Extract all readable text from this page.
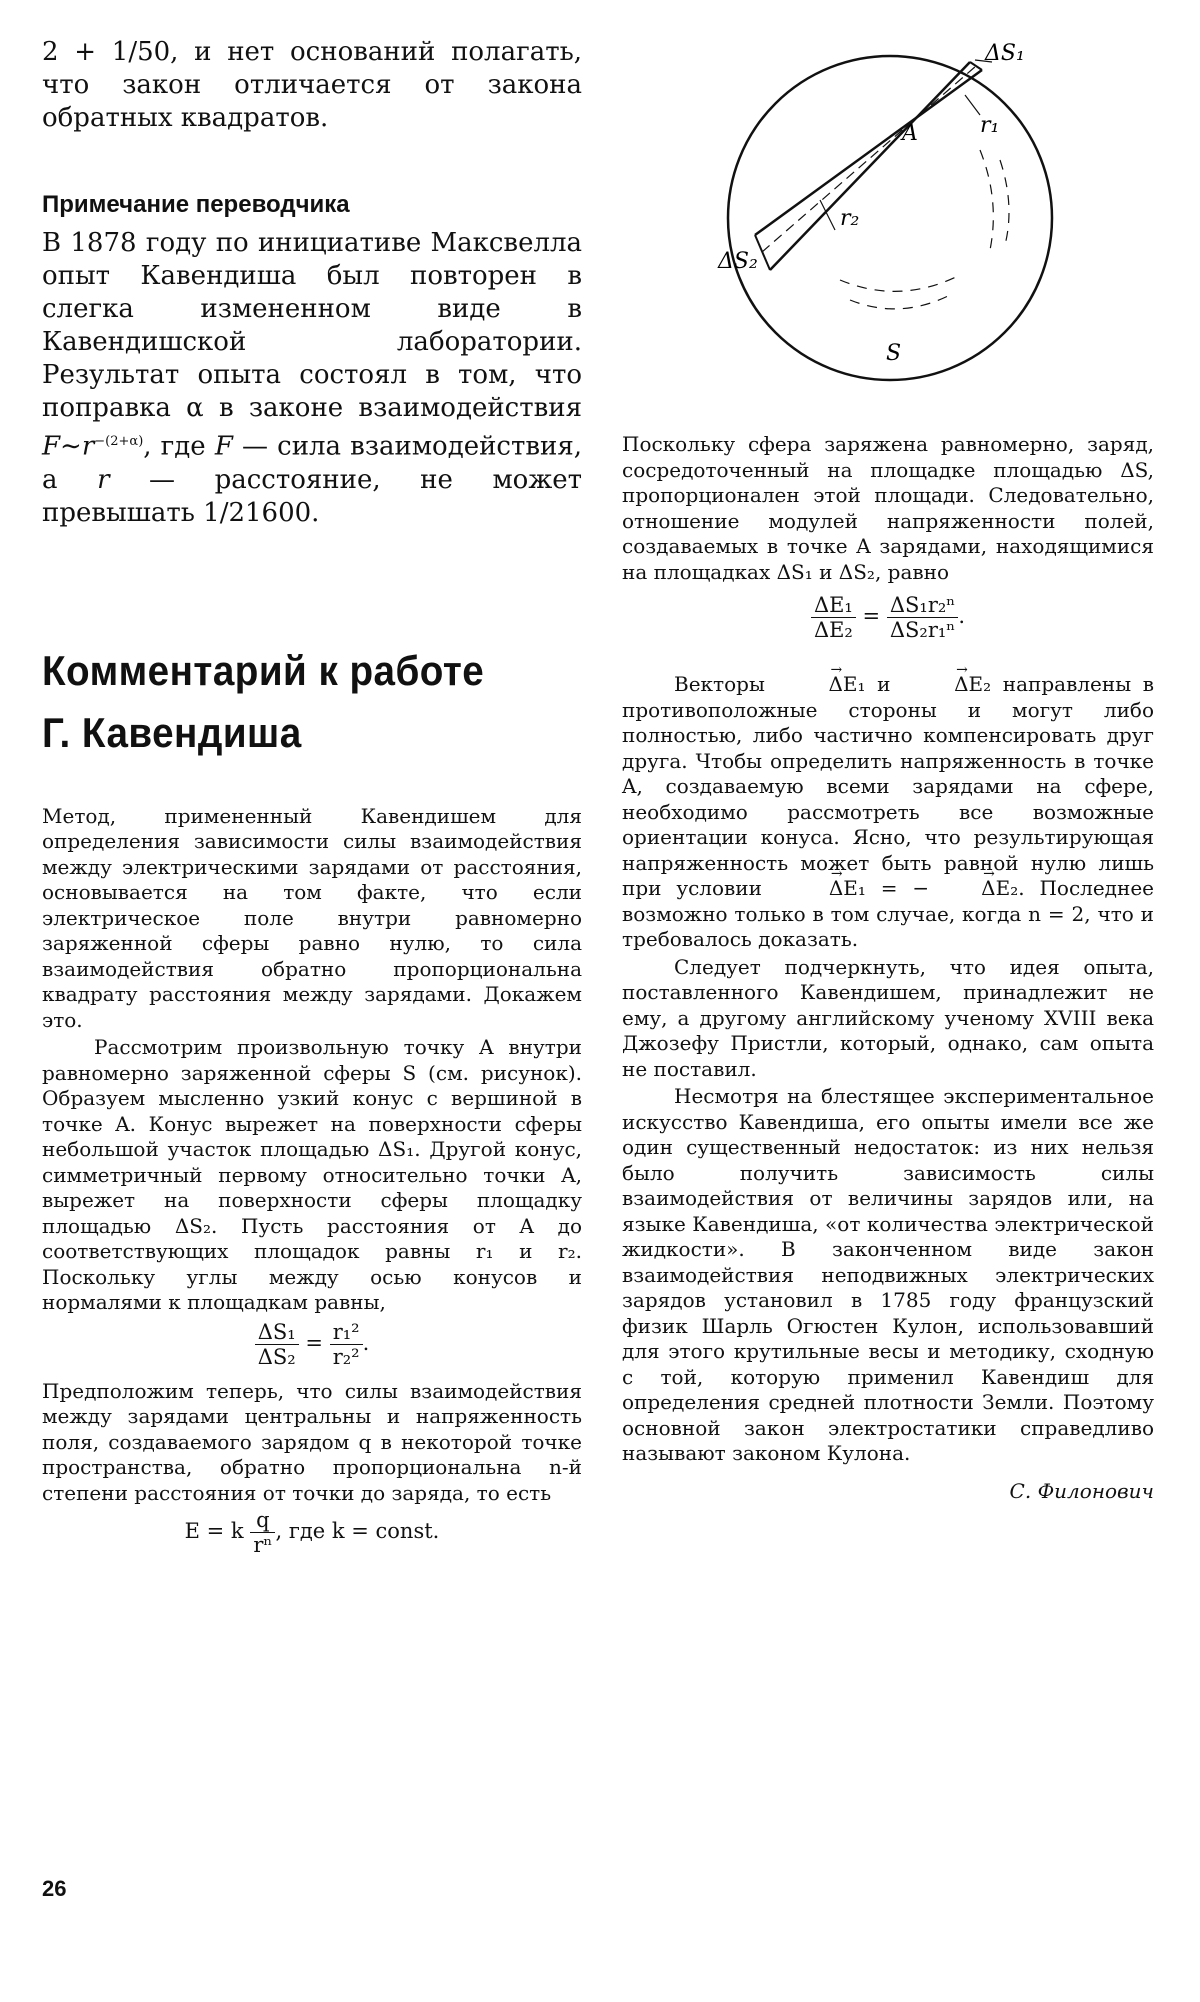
2 + 1/50, и нет оснований полагать, что закон отличается от закона обратных квадратов.

Примечание переводчика

В 1878 году по инициативе Максвелла опыт Кавендиша был повторен в слегка измененном виде в Кавендишской лаборатории. Результат опыта состоял в том, что поправка α в законе взаимодействия $F\sim r^{-(2+\alpha)}$, где F — сила взаимодействия, а r — расстояние, не может превышать 1/21600.

Комментарий к работе
Г. Кавендиша

Метод, примененный Кавендишем для определения зависимости силы взаимодействия между электрическими зарядами от расстояния, основывается на том факте, что если электрическое поле внутри равномерно заряженной сферы равно нулю, то сила взаимодействия обратно пропорциональна квадрату расстояния между зарядами. Докажем это.

Рассмотрим произвольную точку A внутри равномерно заряженной сферы S (см. рисунок). Образуем мысленно узкий конус с вершиной в точке A. Конус вырежет на поверхности сферы небольшой участок площадью ΔS₁. Другой конус, симметричный первому относительно точки A, вырежет на поверхности сферы площадку площадью ΔS₂. Пусть расстояния от A до соответствующих площадок равны r₁ и r₂. Поскольку углы между осью конусов и нормалями к площадкам равны,

$\frac{\text{ΔS₁}}{\text{ΔS₂}} = \frac{\text{r₁²}}{\text{r₂²}}$ .

Предположим теперь, что силы взаимодействия между зарядами центральны и напряженность поля, создаваемого зарядом q в некоторой точке пространства, обратно пропорциональна n-й степени расстояния от точки до заряда, то есть

E = k $\frac{q}{\text{rⁿ}}$ , где k = const.
ΔS₁
r₁
A
r₂
ΔS₂
S

Поскольку сфера заряжена равномерно, заряд, сосредоточенный на площадке площадью ΔS, пропорционален этой площади. Следовательно, отношение модулей напряженности полей, создаваемых в точке A зарядами, находящимися на площадках ΔS₁ и ΔS₂, равно

$\frac{\text{ΔE₁}}{\text{ΔE₂}} = \frac{\text{ΔS₁r₂ⁿ}}{\text{ΔS₂r₁ⁿ}}$ .

Векторы	→ ΔE₁ и	→ ΔE₂ направлены в противоположные стороны и могут либо полностью, либо частично компенсировать друг друга. Чтобы определить напряженность в точке A, создаваемую всеми зарядами на сфере, необходимо рассмотреть все возможные ориентации конуса. Ясно, что результирующая напряженность может быть равной нулю лишь при условии	→ ΔE₁ = −	→ ΔE₂. Последнее возможно только в том случае, когда n = 2, что и требовалось доказать.

Следует подчеркнуть, что идея опыта, поставленного Кавендишем, принадлежит не ему, а другому английскому ученому XVIII века Джозефу Пристли, который, однако, сам опыта не поставил.

Несмотря на блестящее экспериментальное искусство Кавендиша, его опыты имели все же один существенный недостаток: из них нельзя было получить зависимость силы взаимодействия от величины зарядов или, на языке Кавендиша, «от количества электрической жидкости». В законченном виде закон взаимодействия неподвижных электрических зарядов установил в 1785 году французский физик Шарль Огюстен Кулон, использовавший для этого крутильные весы и методику, сходную с той, которую применил Кавендиш для определения средней плотности Земли. Поэтому основной закон электростатики справедливо называют законом Кулона.

С. Филонович

26
